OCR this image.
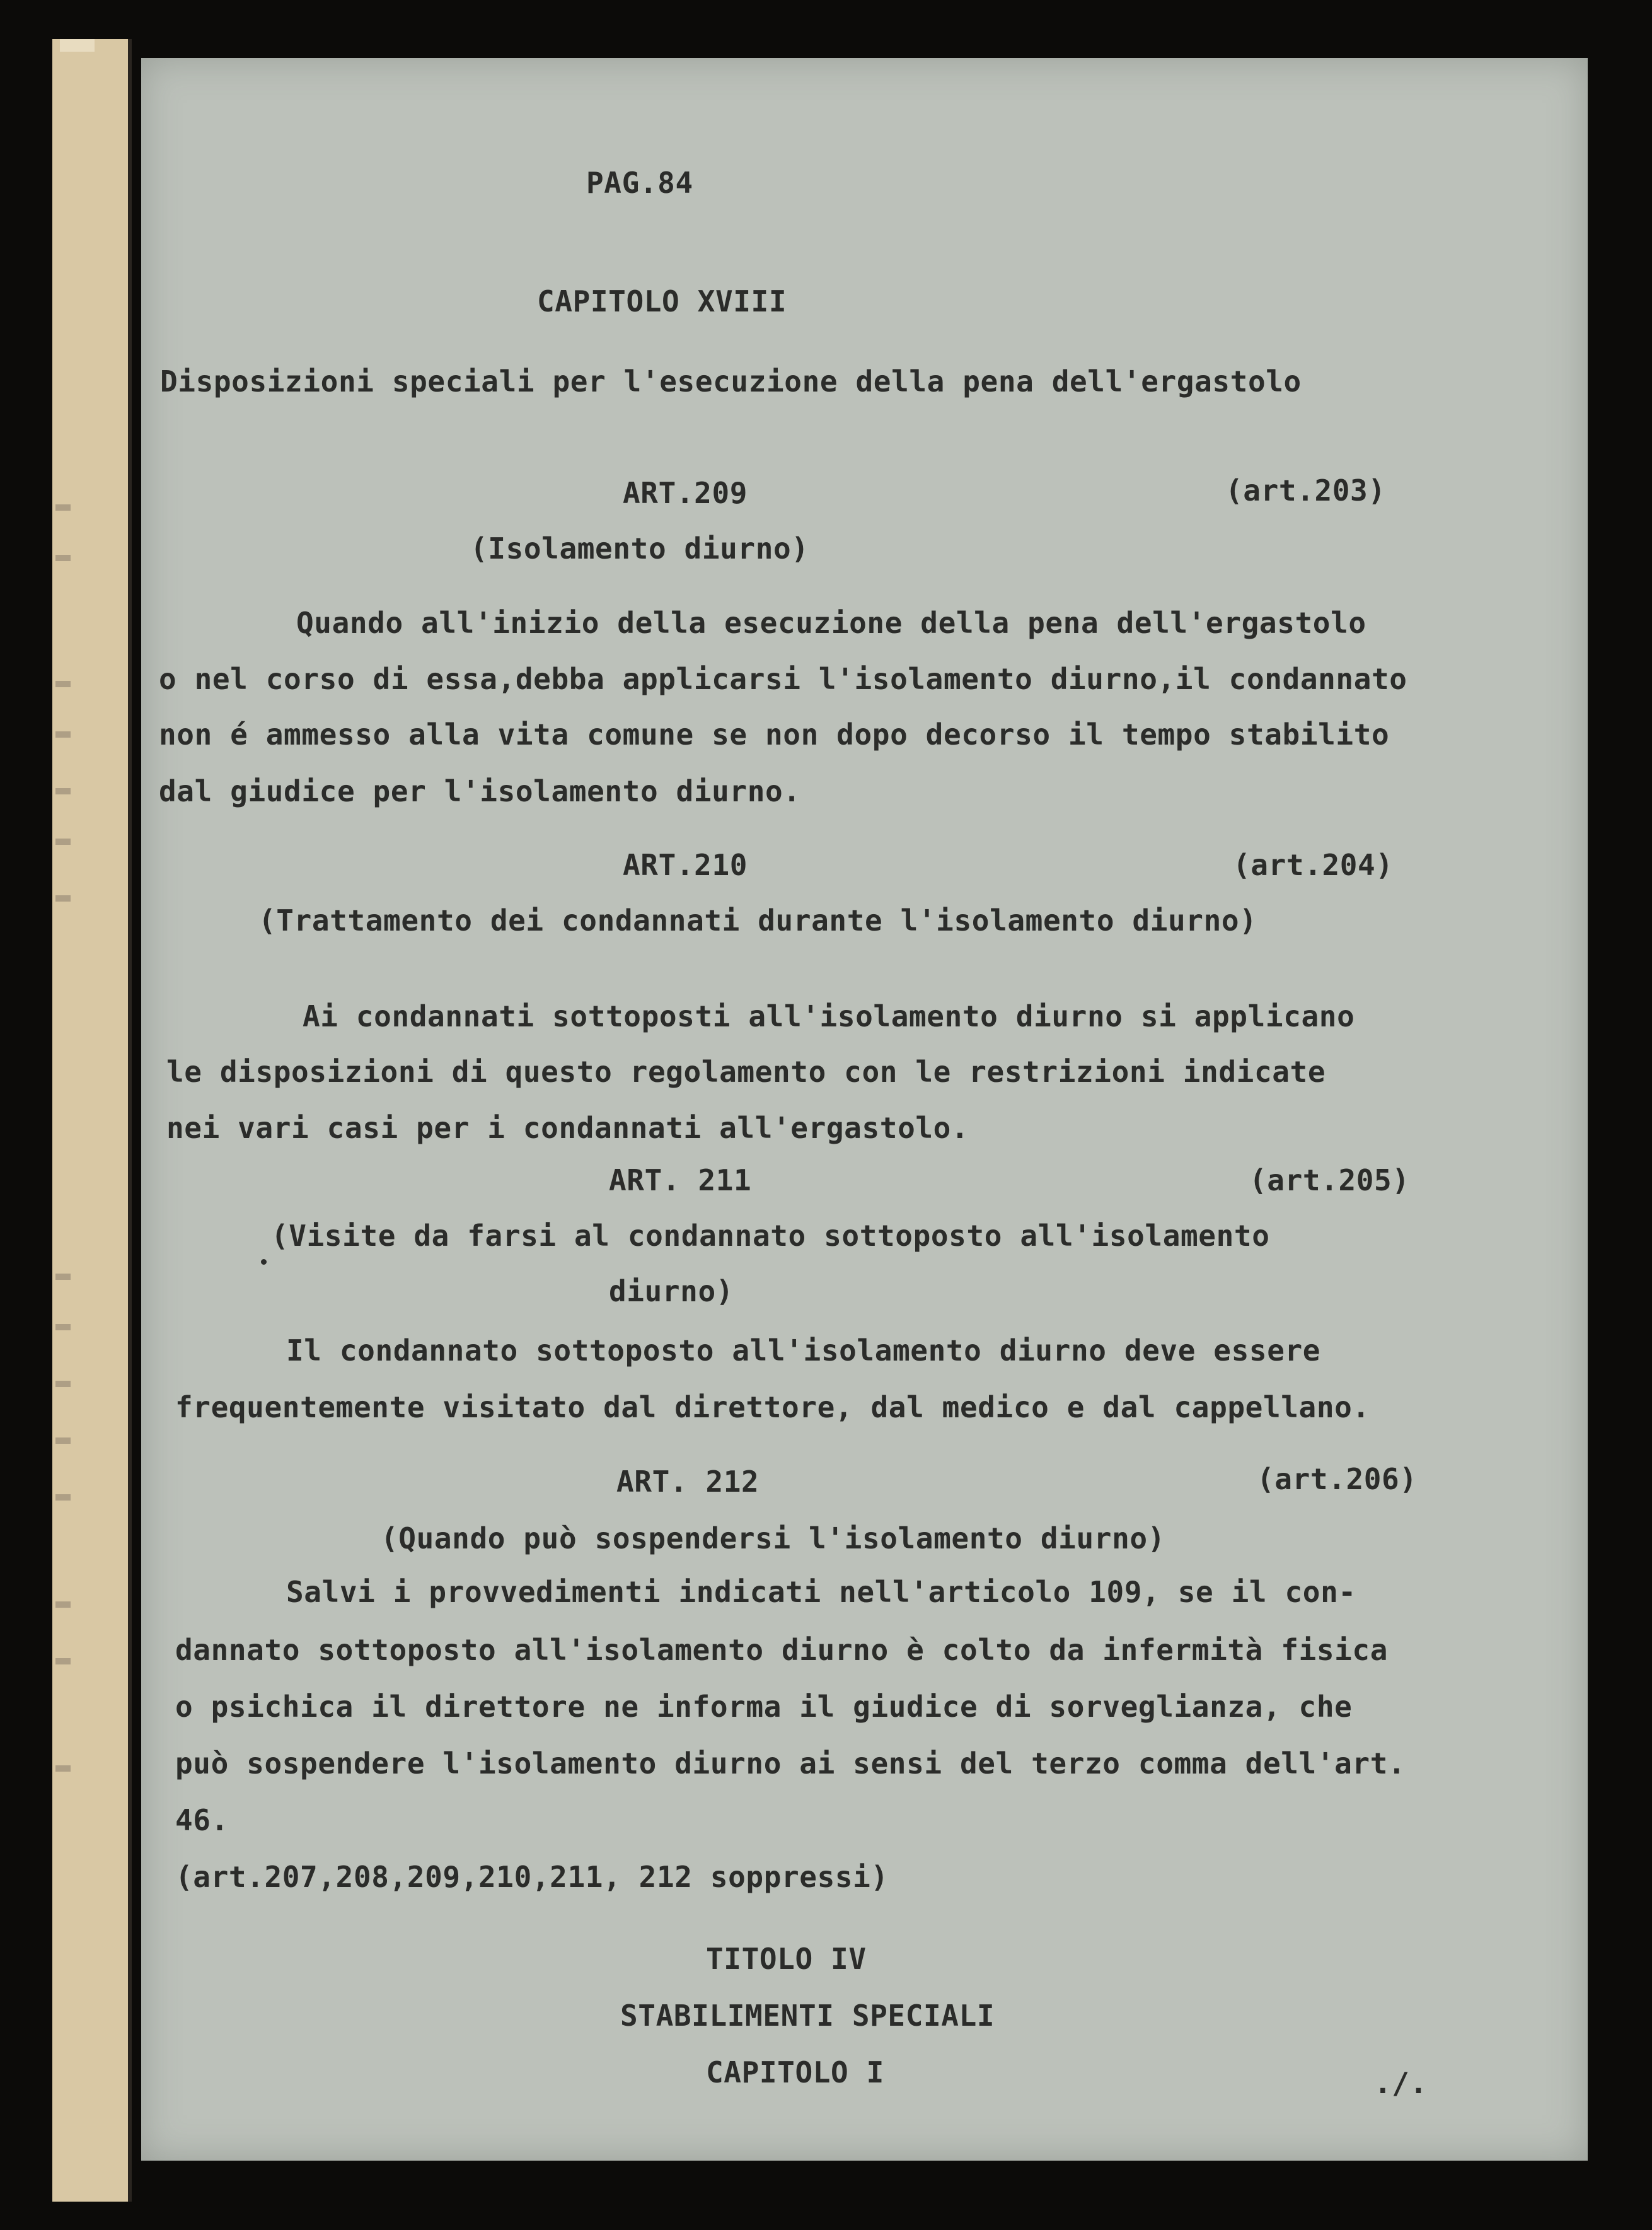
PAG.84

CAPITOLO XVIII

Disposizioni speciali per l'esecuzione della pena dell'ergastolo

ART.209	(art.203)

(Isolamento diurno)

Quando all'inizio della esecuzione della pena dell'ergastolo

o nel corso di essa,debba applicarsi l'isolamento diurno,il condannato

non é ammesso alla vita comune se non dopo decorso il tempo stabilito

dal giudice per l'isolamento diurno.

ART.210	(art.204)

(Trattamento dei condannati durante l'isolamento diurno)

Ai condannati sottoposti all'isolamento diurno si applicano

le disposizioni di questo regolamento con le restrizioni indicate

nei vari casi per i condannati all'ergastolo.

ART. 211	(art.205)

(Visite da farsi al condannato sottoposto all'isolamento

diurno)

Il condannato sottoposto all'isolamento diurno deve essere

frequentemente visitato dal direttore, dal medico e dal cappellano.

ART. 212	(art.206)

(Quando può sospendersi l'isolamento diurno)

Salvi i provvedimenti indicati nell'articolo 109, se il con-

dannato sottoposto all'isolamento diurno è colto da infermità fisica

o psichica il direttore ne informa il giudice di sorveglianza, che

può sospendere l'isolamento diurno ai sensi del terzo comma dell'art.

46.

(art.207,208,209,210,211, 212 soppressi)

TITOLO IV

STABILIMENTI SPECIALI

CAPITOLO I	./.
